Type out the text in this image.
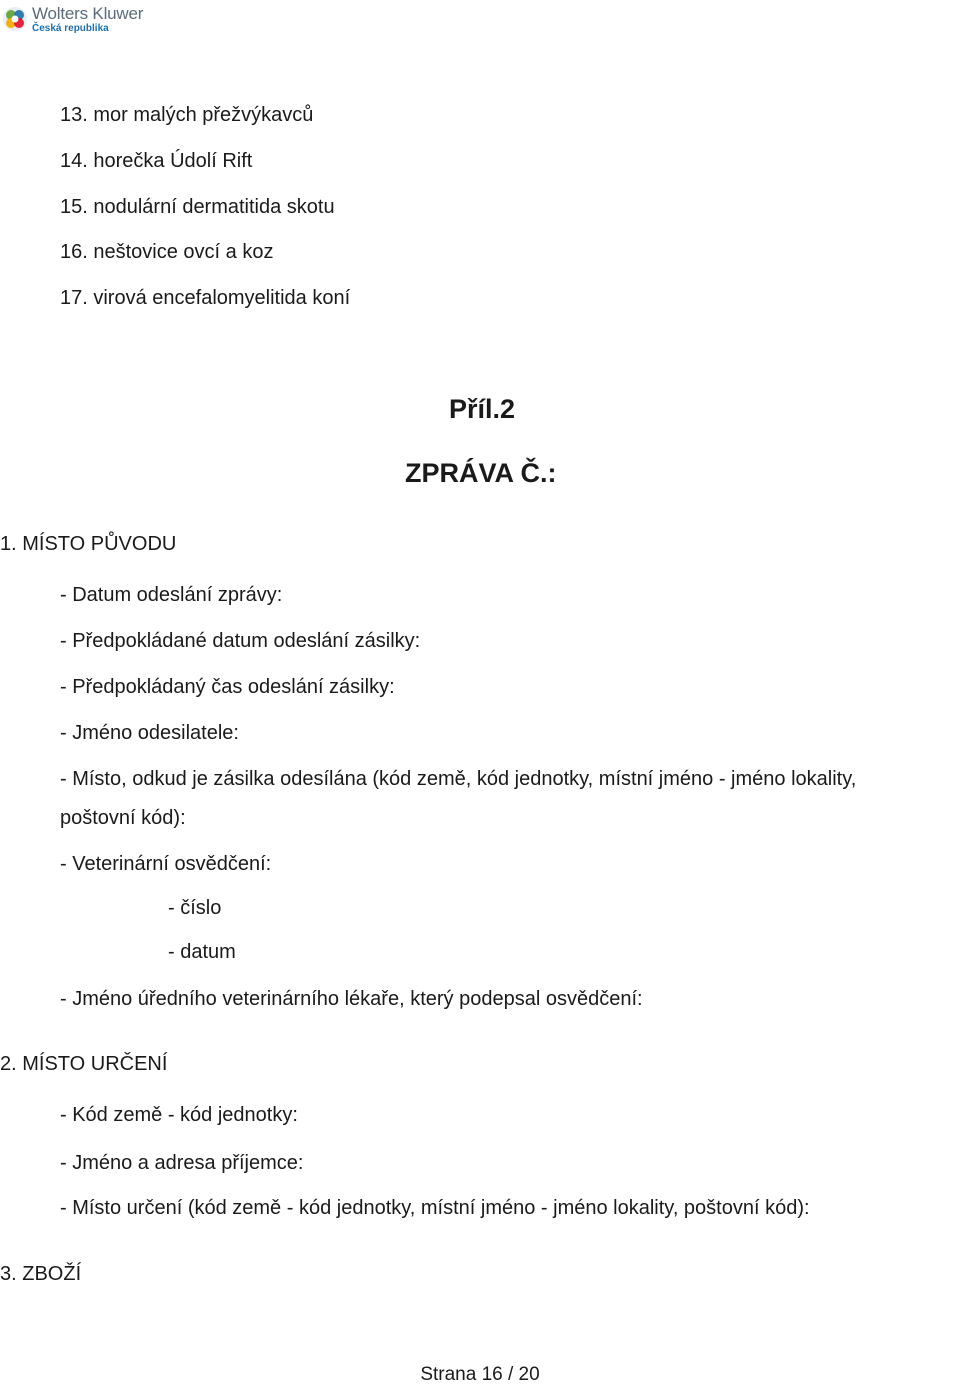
Wolters Kluwer
Česká republika
13. mor malých přežvýkavců
14. horečka Údolí Rift
15. nodulární dermatitida skotu
16. neštovice ovcí a koz
17. virová encefalomyelitida koní
Příl.2
ZPRÁVA Č.:
1. MÍSTO PŮVODU
- Datum odeslání zprávy:
- Předpokládané datum odeslání zásilky:
- Předpokládaný čas odeslání zásilky:
- Jméno odesilatele:
- Místo, odkud je zásilka odesílána (kód země, kód jednotky, místní jméno - jméno lokality,
poštovní kód):
- Veterinární osvědčení:
- číslo
- datum
- Jméno úředního veterinárního lékaře, který podepsal osvědčení:
2. MÍSTO URČENÍ
- Kód země - kód jednotky:
- Jméno a adresa příjemce:
- Místo určení (kód země - kód jednotky, místní jméno - jméno lokality, poštovní kód):
3. ZBOŽÍ
Strana 16 / 20
